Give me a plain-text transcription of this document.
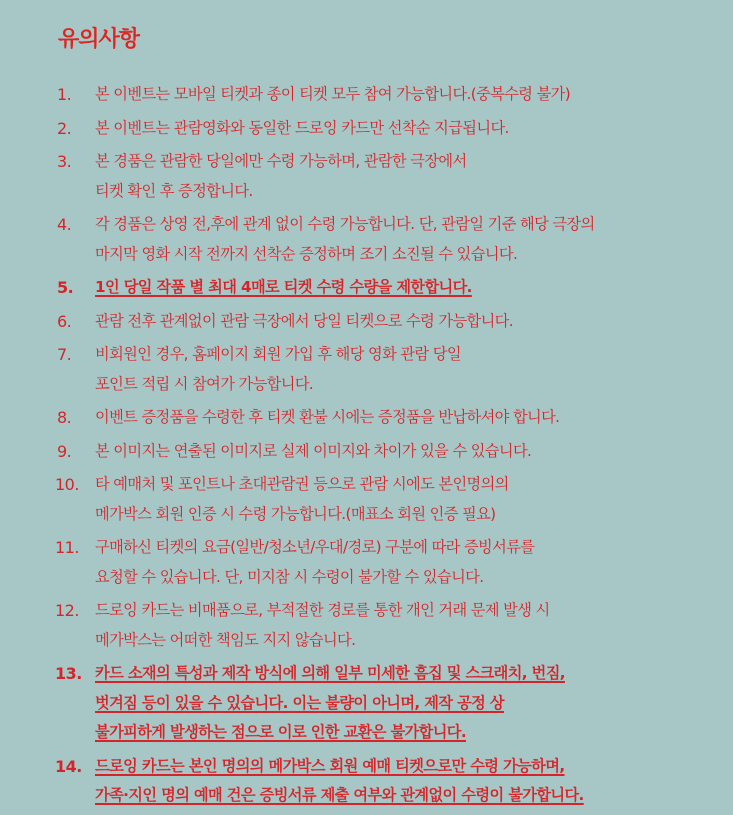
유의사항
1. 본 이벤트는 모바일 티켓과 종이 티켓 모두 참여 가능합니다.(중복수령 불가)
2. 본 이벤트는 관람영화와 동일한 드로잉 카드만 선착순 지급됩니다.
3. 본 경품은 관람한 당일에만 수령 가능하며, 관람한 극장에서
티켓 확인 후 증정합니다.
4. 각 경품은 상영 전,후에 관계 없이 수령 가능합니다. 단, 관람일 기준 해당 극장의
마지막 영화 시작 전까지 선착순 증정하며 조기 소진될 수 있습니다.
5. 1인 당일 작품 별 최대 4매로 티켓 수령 수량을 제한합니다.
6. 관람 전후 관계없이 관람 극장에서 당일 티켓으로 수령 가능합니다.
7. 비회원인 경우, 홈페이지 회원 가입 후 해당 영화 관람 당일
포인트 적립 시 참여가 가능합니다.
8. 이벤트 증정품을 수령한 후 티켓 환불 시에는 증정품을 반납하셔야 합니다.
9. 본 이미지는 연출된 이미지로 실제 이미지와 차이가 있을 수 있습니다.
10. 타 예매처 및 포인트나 초대관람권 등으로 관람 시에도 본인명의의
메가박스 회원 인증 시 수령 가능합니다.(매표소 회원 인증 필요)
11. 구매하신 티켓의 요금(일반/청소년/우대/경로) 구분에 따라 증빙서류를
요청할 수 있습니다. 단, 미지참 시 수령이 불가할 수 있습니다.
12. 드로잉 카드는 비매품으로, 부적절한 경로를 통한 개인 거래 문제 발생 시
메가박스는 어떠한 책임도 지지 않습니다.
13. 카드 소재의 특성과 제작 방식에 의해 일부 미세한 흠집 및 스크래치, 번짐,
벗겨짐 등이 있을 수 있습니다. 이는 불량이 아니며, 제작 공정 상
불가피하게 발생하는 점으로 이로 인한 교환은 불가합니다.
14. 드로잉 카드는 본인 명의의 메가박스 회원 예매 티켓으로만 수령 가능하며,
가족·지인 명의 예매 건은 증빙서류 제출 여부와 관계없이 수령이 불가합니다.
